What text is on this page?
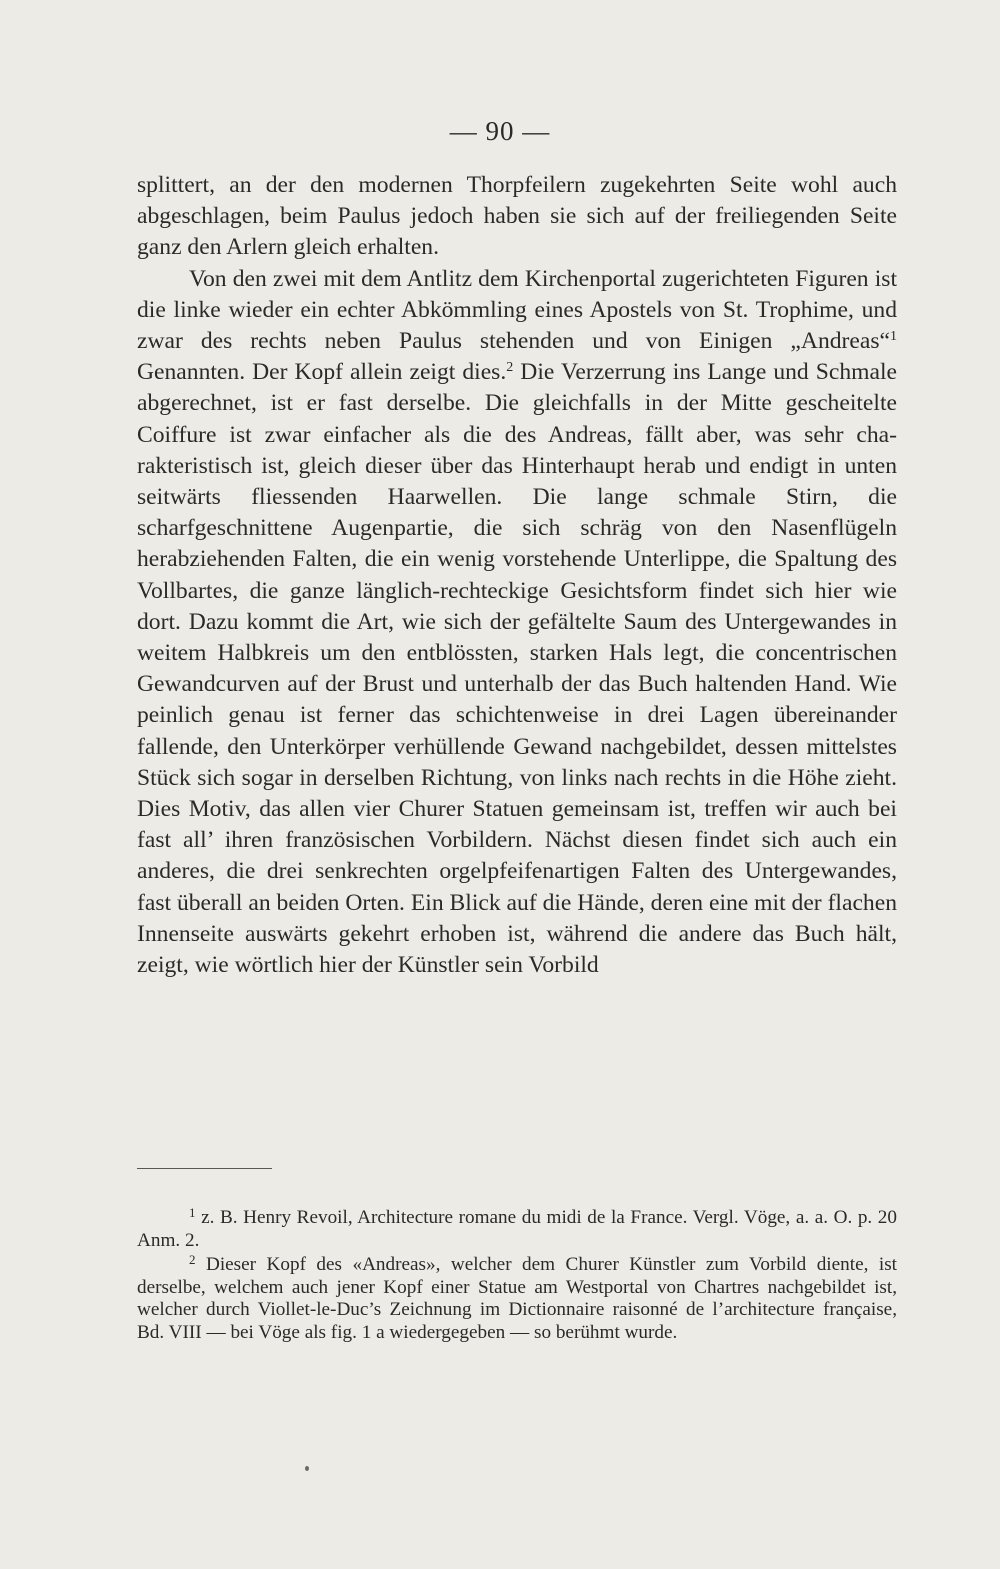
— 90 —

splittert, an der den modernen Thorpfeilern zugekehrten Seite wohl auch abgeschlagen, beim Paulus jedoch haben sie sich auf der freiliegenden Seite ganz den Arlern gleich erhalten.

Von den zwei mit dem Antlitz dem Kirchenportal zugerichteten Figuren ist die linke wieder ein echter Abkömmling eines Apostels von St. Trophime, und zwar des rechts neben Paulus stehenden und von Einigen „Andreas“$^1$ Genannten. Der Kopf allein zeigt dies.$^2$ Die Verzerrung ins Lange und Schmale abgerechnet, ist er fast derselbe. Die gleichfalls in der Mitte gescheitelte Coiffure ist zwar einfacher als die des Andreas, fällt aber, was sehr charakteristisch ist, gleich dieser über das Hinterhaupt herab und endigt in unten seitwärts fliessenden Haarwellen. Die lange schmale Stirn, die scharfgeschnittene Augenpartie, die sich schräg von den Nasenflügeln herabziehenden Falten, die ein wenig vorstehende Unterlippe, die Spaltung des Vollbartes, die ganze länglich-rechteckige Gesichtsform findet sich hier wie dort. Dazu kommt die Art, wie sich der gefältelte Saum des Untergewandes in weitem Halbkreis um den entblössten, starken Hals legt, die concentrischen Gewandcurven auf der Brust und unterhalb der das Buch haltenden Hand. Wie peinlich genau ist ferner das schichtenweise in drei Lagen übereinander fallende, den Unterkörper verhüllende Gewand nachgebildet, dessen mittelstes Stück sich sogar in derselben Richtung, von links nach rechts in die Höhe zieht. Dies Motiv, das allen vier Churer Statuen gemeinsam ist, treffen wir auch bei fast all’ ihren französischen Vorbildern. Nächst diesen findet sich auch ein anderes, die drei senkrechten orgelpfeifenartigen Falten des Untergewandes, fast überall an beiden Orten. Ein Blick auf die Hände, deren eine mit der flachen Innenseite auswärts gekehrt erhoben ist, während die andere das Buch hält, zeigt, wie wörtlich hier der Künstler sein Vorbild

$^1$ z. B. Henry Revoil, Architecture romane du midi de la France. Vergl. Vöge, a. a. O. p. 20 Anm. 2.

$^2$ Dieser Kopf des «Andreas», welcher dem Churer Künstler zum Vorbild diente, ist derselbe, welchem auch jener Kopf einer Statue am Westportal von Chartres nachgebildet ist, welcher durch Viollet-le-Duc’s Zeichnung im Dictionnaire raisonné de l’architecture française, Bd. VIII — bei Vöge als fig. 1 a wiedergegeben — so berühmt wurde.
